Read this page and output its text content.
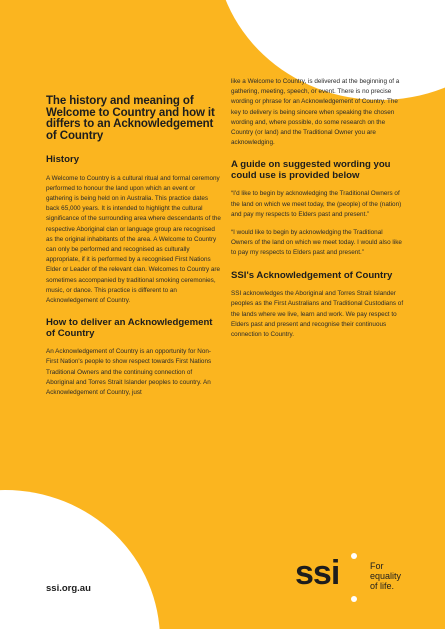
The history and meaning of Welcome to Country and how it differs to an Acknowledgement of Country
History

A Welcome to Country is a cultural ritual and formal ceremony performed to honour the land upon which an event or gathering is being held on in Australia. This practice dates back 65,000 years. It is intended to highlight the cultural significance of the surrounding area where descendants of the respective Aboriginal clan or language group are recognised as the original inhabitants of the area. A Welcome to Country can only be performed and recognised as culturally appropriate, if it is performed by a recognised First Nations Elder or Leader of the relevant clan. Welcomes to Country are sometimes accompanied by traditional smoking ceremonies, music, or dance. This practice is different to an Acknowledgement of Country.

How to deliver an Acknowledgement of Country

An Acknowledgement of Country is an opportunity for Non-First Nation's people to show respect towards First Nations Traditional Owners and the continuing connection of Aboriginal and Torres Strait Islander peoples to country. An Acknowledgement of Country, just

like a Welcome to Country, is delivered at the beginning of a gathering, meeting, speech, or event. There is no precise wording or phrase for an Acknowledgement of Country. The key to delivery is being sincere when speaking the chosen wording and, where possible, do some research on the Country (or land) and the Traditional Owner you are acknowledging.

A guide on suggested wording you could use is provided below

“I'd like to begin by acknowledging the Traditional Owners of the land on which we meet today, the (people) of the (nation) and pay my respects to Elders past and present.”

“I would like to begin by acknowledging the Traditional Owners of the land on which we meet today. I would also like to pay my respects to Elders past and present.”

SSI's Acknowledgement of Country

SSI acknowledges the Aboriginal and Torres Strait Islander peoples as the First Australians and Traditional Custodians of the lands where we live, learn and work. We pay respect to Elders past and present and recognise their continuous connection to Country.

ssi.org.au	ssi	For equality
of life.
